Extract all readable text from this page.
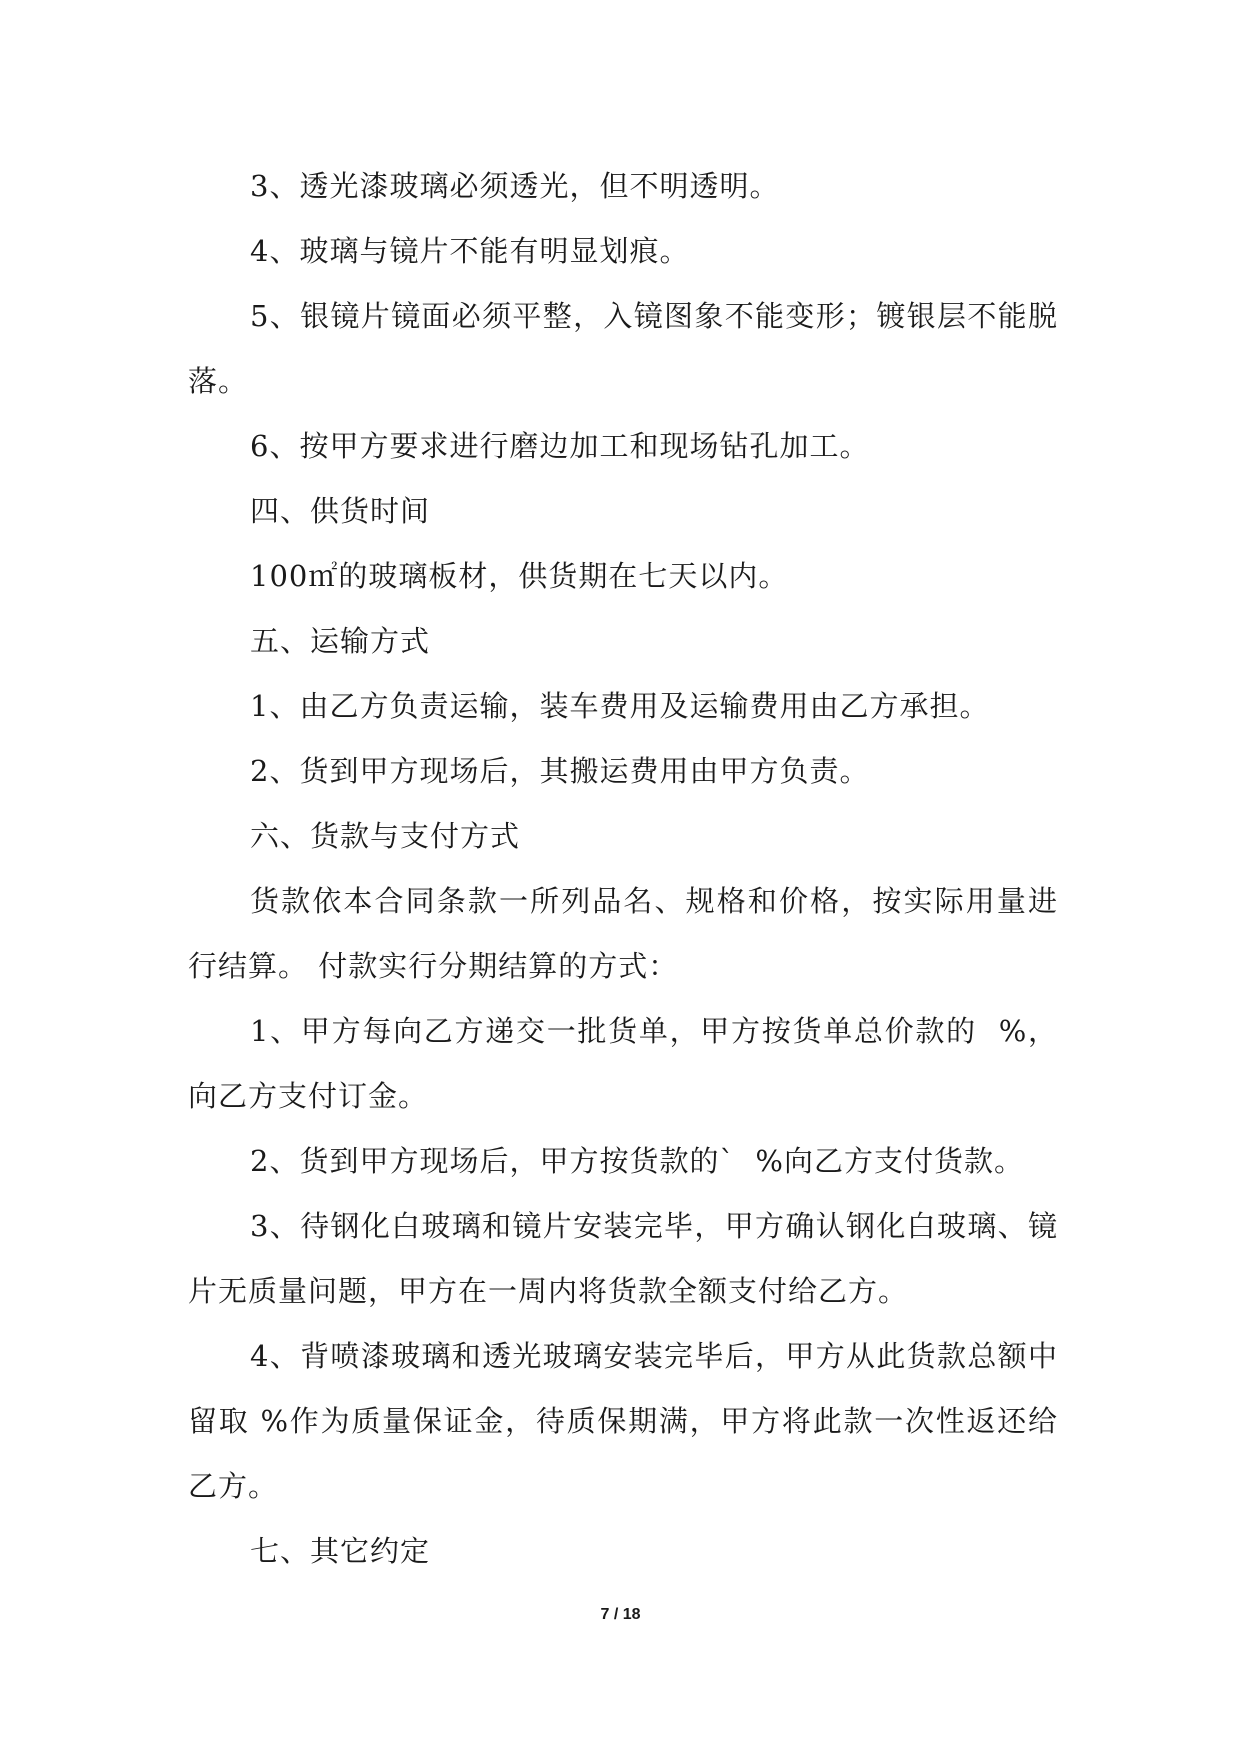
3、透光漆玻璃必须透光，但不明透明。

4、玻璃与镜片不能有明显划痕。

5、银镜片镜面必须平整，入镜图象不能变形；镀银层不能脱落。

6、按甲方要求进行磨边加工和现场钻孔加工。

四、供货时间

100㎡的玻璃板材，供货期在七天以内。

五、运输方式

1、由乙方负责运输，装车费用及运输费用由乙方承担。

2、货到甲方现场后，其搬运费用由甲方负责。

六、货款与支付方式

货款依本合同条款一所列品名、规格和价格，按实际用量进行结算。 付款实行分期结算的方式：

1、甲方每向乙方递交一批货单，甲方按货单总价款的  %，向乙方支付订金。

2、货到甲方现场后，甲方按货款的`  %向乙方支付货款。

3、待钢化白玻璃和镜片安装完毕，甲方确认钢化白玻璃、镜片无质量问题，甲方在一周内将货款全额支付给乙方。

4、背喷漆玻璃和透光玻璃安装完毕后，甲方从此货款总额中留取 %作为质量保证金，待质保期满，甲方将此款一次性返还给乙方。

七、其它约定

7 / 18
